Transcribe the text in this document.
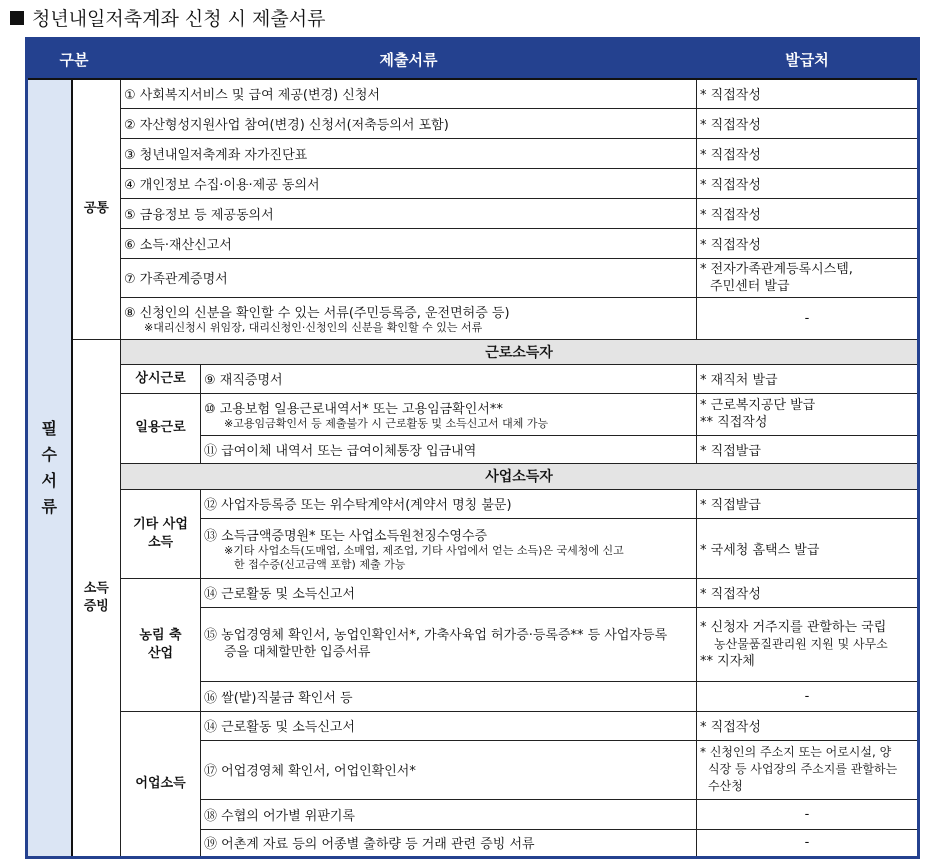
청년내일저축계좌 신청 시 제출서류
구분		제출서류		발급처
필수서류	공통	① 사회복지서비스 및 급여 제공(변경) 신청서		* 직접작성
		② 자산형성지원사업 참여(변경) 신청서(저축등의서 포함)		* 직접작성
		③ 청년내일저축계좌 자가진단표		* 직접작성
		④ 개인정보 수집·이용·제공 동의서		* 직접작성
		⑤ 금융정보 등 제공동의서		* 직접작성
		⑥ 소득·재산신고서		* 직접작성
		⑦ 가족관계증명서		* 전자가족관계등록시스템,
주민센터 발급
		⑧ 신청인의 신분을 확인할 수 있는 서류(주민등록증, 운전면허증 등)
※대리신청시 위임장, 대리신청인·신청인의 신분을 확인할 수 있는 서류		-
	소득증빙	근로소득자		
		상시근로	⑨ 재직증명서	* 재직처 발급
		일용근로	⑩ 고용보험 일용근로내역서* 또는 고용임금확인서**
※고용임금확인서 등 제출불가 시 근로활동 및 소득신고서 대체 가능	* 근로복지공단 발급
** 직접작성
			⑪ 급여이체 내역서 또는 급여이체통장 입금내역	* 직접발급
		사업소득자		
		기타 사업소득	⑫ 사업자등록증 또는 위수탁계약서(계약서 명칭 불문)	* 직접발급
			⑬ 소득금액증명원* 또는 사업소득원천징수영수증
※기타 사업소득(도매업, 소매업, 제조업, 기타 사업에서 얻는 소득)은 국세청에 신고
한 접수증(신고금액 포함) 제출 가능	* 국세청 홈택스 발급
		농림 축산업	⑭ 근로활동 및 소득신고서	* 직접작성
			⑮ 농업경영체 확인서, 농업인확인서*, 가축사육업 허가증·등록증** 등 사업자등록
증을 대체할만한 입증서류	* 신청자 거주지를 관할하는 국립
농산물품질관리원 지원 및 사무소
** 지자체
			⑯ 쌀(밭)직불금 확인서 등	-
		어업소득	⑭ 근로활동 및 소득신고서	* 직접작성
			⑰ 어업경영체 확인서, 어업인확인서*	* 신청인의 주소지 또는 어로시설, 양
식장 등 사업장의 주소지를 관할하는
수산청
			⑱ 수협의 어가별 위판기록	-
			⑲ 어촌계 자료 등의 어종별 출하량 등 거래 관련 증빙 서류	-
